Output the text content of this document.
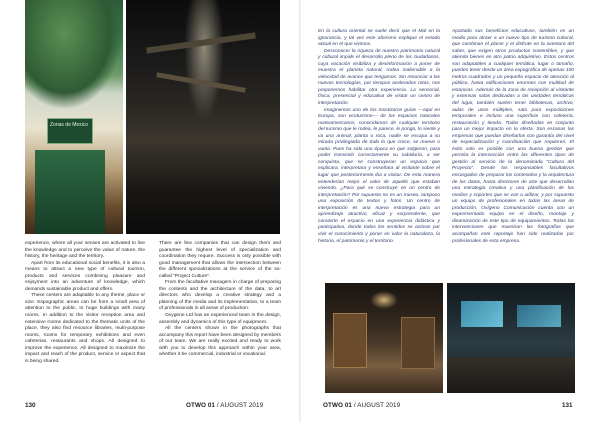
Zonas de Mexico

experience, where all your senses are activated to live the knowledge and to perceive the value of nature, the history, the heritage and the territory.

Apart from its educational social benefits, it is also a means to attract a new type of cultural tourism, products and services combining pleasure and enjoyment into an adventure of knowledge, which demands sustainable product and offers.

These centers are adaptable to any theme, place or size. Espographic areas can be from a small area of attention to the public, to huge buildings with many rooms. In addition to the visitor reception area and extensive rooms dedicated to the thematic units of the place, they also find resource libraries, multi-purpose rooms, rooms for temporary exhibitions and even cafeterias, restaurants and shops. All designed to improve the experience. All designed to maximize the impact and reach of the product, service or aspect that is being shared.

There are few companies that can design them and guarantee the highest level of specialization and coordination they require. Success is only possible with good management that allows the intersection between the different specializations at the service of the so-called "Project Culture".

From the facultative managers in charge of preparing the contents and the architecture of the data, to art directors who develop a creative strategy and a planning of the media and its implementation, to a team of professionals in all areas of production.

Oxygene Ltd has an experienced team in the design, assembly and dynamics of this type of equipment.

All the centers shown in the photographs that accompany this report have been designed by members of our team. We are really excited and ready to work with you to develop this approach within your area, whether it be commercial, industrial or vocational.

En la cultura oriental se suele decir que el Mal en la ignorancia, y tal vez este aforismo explique el estado actual en el que vivimos.

Desconocer la riqueza de nuestro patrimonio natural y cultural impide el desarrollo pleno de los ciudadanos, cuya vocación visibiliza y desinformación a poner de muestra el planeta natural, rodea inalienable a la velocidad de avance que tengamos. Sin renunciar a las nuevas tecnologías, por tiempos acelerados rotas, nos proponemos habilitar otra experiencia. La sensorial, física, presencial y educativa de visitar un centro de interpretación.

Imaginemos uno de los mostizaros guías —aquí en Europa, son ecoturismo— de los espacios naturales norteamericanos, conocidamos de cualquier territorio del turismo que le rodea, le parece, le ponga, lo siente y va una animal, planta o roca, nadie se escapa a su mirada privilegiada de todo lo que crece, se mueve o vuela. Pues ha sido una época en que solgieron, para poder transmitir correctamente su sabiduría, a ser conquista, que se construyeran un espacio que explicara, interpretara y enseñara al visitante sobre el lugar que posteriormente iba a visitar. De esta manera entenderían mejor el valor de aquello que estaban viviendo. ¿Para qué se construye en un centro de interpretación? Por supuesto no es un museo, tampoco una exposición de textos y fotos. Un centro de interpretación es una nueva estrategia para un aprendizaje atractivo, eficaz y sorprendente, que convierte el espacio en una experiencia didáctica y participativa, donde todos los sentidos se activan par vivir el conocimiento y poner en valor la naturaleza, la historia, el patrimonio y el territorio.

Apartado sus beneficios educativos, también es un medio para atraer a un nuevo tipo de turismo cultural, que combinan el placer y el disfrute en la aventura del saber, que exigen otros productos sostenibles, y que atienda bienes en atro patrio adquisitivo. Estos centros son adaptables a cualquier temática, lugar o tamaño, pueden tener desde un área expográfica de apenas 100 metros cuadrados y un pequeño espacio de atención al público, hasta edificaciones enormes con multitud de estancias. Además de la zona de recepción al visitante y extensas salas dedicadas a las unidades temáticas del lugar, también suelen tener bibliotecas, archivo, aulas de usos múltiples, sala para exposiciones temporales e incluso una superficie con cafetería, restauración y tienda. Todas diseñadas en conjunto para un mejor impacto en la oferta. Son escasas las empresas que puedan diseñarlos con garantía del nivel de especialización y coordinación que requieren. El éxito solo es posible con una buena gestión que permita la intersección entre las diferentes tipos de gestión al servicio de la denominada "Cultura del Proyecto". Desde los responsables facultativos encargados de preparar los contenidos y la arquitectura de los datos, hasta directores de arte que desarrollan una estrategia creativa y una planificación de los medios y soportes que se van a utilizar, y por supuesto un equipo de profesionales en todas las áreas de producción. Oxígeno Comunicación cuenta con un experimentado equipo en el diseño, montaje y dinamización de este tipo de equipamientos. Todas las intervenciones que muestran las fotografías que acompañan este reportaje han sido realizadas por profesionales de esta empresa.

130	OTWO 01 / AUGUST 2019	OTWO 01 / AUGUST 2019	131
